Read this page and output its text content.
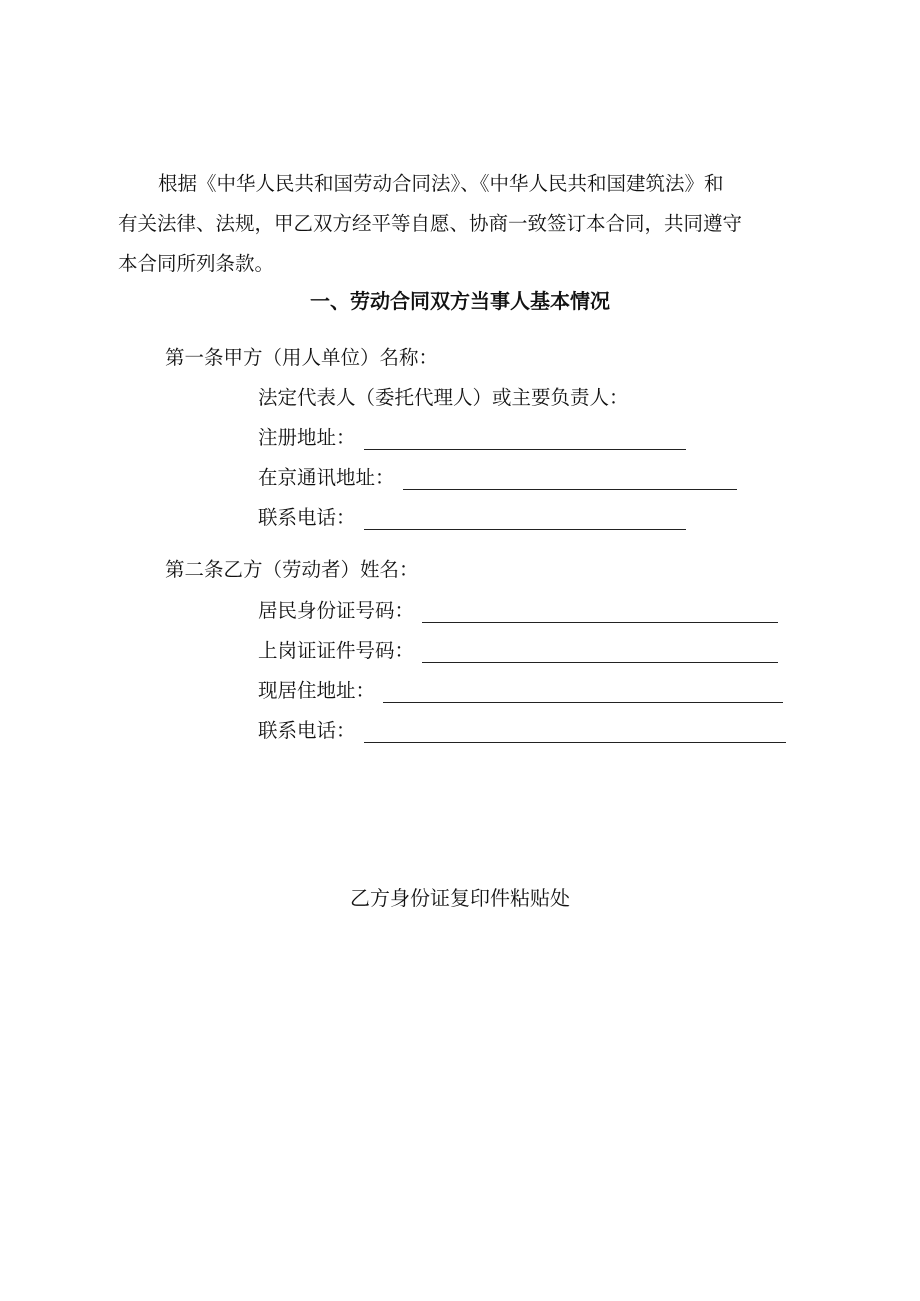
根据《中华人民共和国劳动合同法》、《中华人民共和国建筑法》和
有关法律、法规，甲乙双方经平等自愿、协商一致签订本合同，共同遵守
本合同所列条款。
一、劳动合同双方当事人基本情况
第一条甲方（用人单位）名称：
法定代表人（委托代理人）或主要负责人：
注册地址：
在京通讯地址：
联系电话：
第二条乙方（劳动者）姓名：
居民身份证号码：
上岗证证件号码：
现居住地址：
联系电话：
乙方身份证复印件粘贴处
